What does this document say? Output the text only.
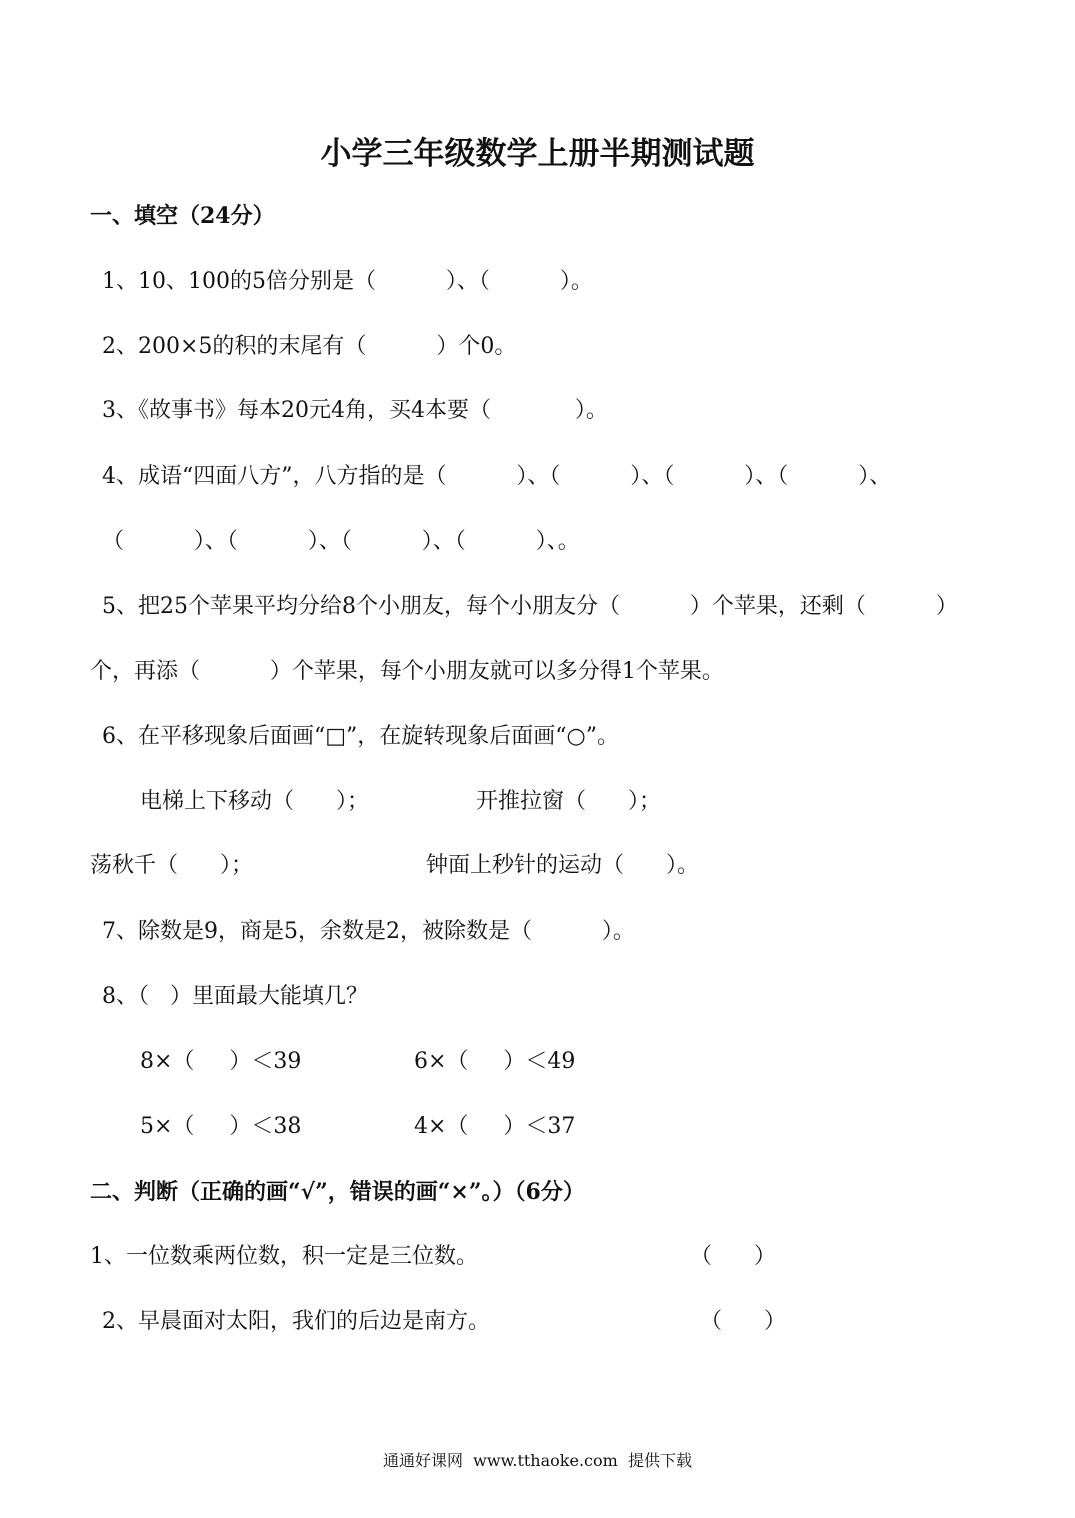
小学三年级数学上册半期测试题
一、填空（24分）
1、10、100的5倍分别是（          ）、（          ）。
2、200×5的积的末尾有（          ）个0。
3、《故事书》每本20元4角，买4本要（            ）。
4、成语“四面八方”，八方指的是（          ）、（          ）、（          ）、（          ）、
（          ）、（          ）、（          ）、（          ）、。
5、把25个苹果平均分给8个小朋友，每个小朋友分（          ）个苹果，还剩（          ）
个，再添（          ）个苹果，每个小朋友就可以多分得1个苹果。
6、在平移现象后面画“□”，在旋转现象后面画“○”。
电梯上下移动（      ）；	开推拉窗（      ）；
荡秋千（      ）；	钟面上秒针的运动（      ）。
7、除数是9，商是5，余数是2，被除数是（          ）。
8、（   ）里面最大能填几？
8×（     ）＜39	6×（     ）＜49
5×（     ）＜38	4×（     ）＜37
二、判断（正确的画“√”，错误的画“×”。）（6分）
1、一位数乘两位数，积一定是三位数。	（      ）
2、早晨面对太阳，我们的后边是南方。	（      ）
通通好课网  www.tthaoke.com  提供下载
